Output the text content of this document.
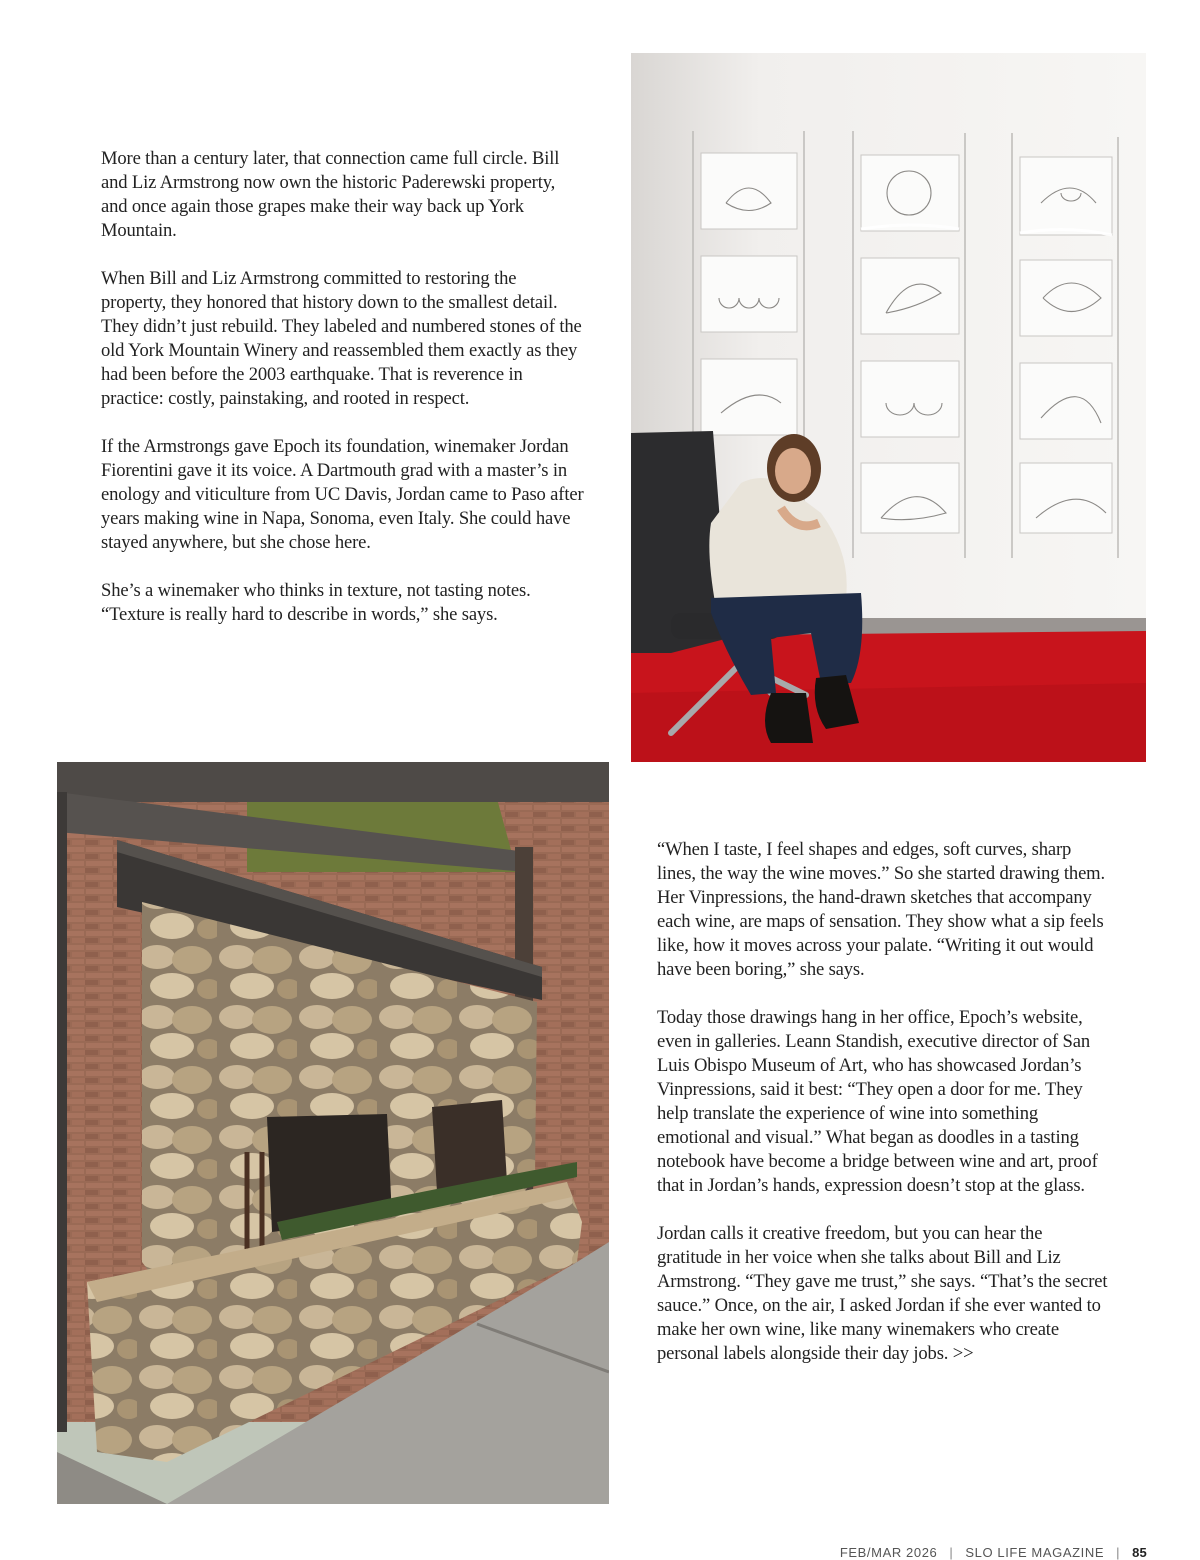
More than a century later, that connection came full circle. Bill and Liz Armstrong now own the historic Paderewski property, and once again those grapes make their way back up York Mountain.

When Bill and Liz Armstrong committed to restoring the property, they honored that history down to the smallest detail. They didn’t just rebuild. They labeled and numbered stones of the old York Mountain Winery and reassembled them exactly as they had been before the 2003 earthquake. That is reverence in practice: costly, painstaking, and rooted in respect.

If the Armstrongs gave Epoch its foundation, winemaker Jordan Fiorentini gave it its voice. A Dartmouth grad with a master’s in enology and viticulture from UC Davis, Jordan came to Paso after years making wine in Napa, Sonoma, even Italy. She could have stayed anywhere, but she chose here.

She’s a winemaker who thinks in texture, not tasting notes. “Texture is really hard to describe in words,” she says.

“When I taste, I feel shapes and edges, soft curves, sharp lines, the way the wine moves.” So she started drawing them. Her Vinpressions, the hand-drawn sketches that accompany each wine, are maps of sensation. They show what a sip feels like, how it moves across your palate. “Writing it out would have been boring,” she says.

Today those drawings hang in her office, Epoch’s website, even in galleries. Leann Standish, executive director of San Luis Obispo Museum of Art, who has showcased Jordan’s Vinpressions, said it best: “They open a door for me. They help translate the experience of wine into something emotional and visual.” What began as doodles in a tasting notebook have become a bridge between wine and art, proof that in Jordan’s hands, expression doesn’t stop at the glass.

Jordan calls it creative freedom, but you can hear the gratitude in her voice when she talks about Bill and Liz Armstrong. “They gave me trust,” she says. “That’s the secret sauce.” Once, on the air, I asked Jordan if she ever wanted to make her own wine, like many winemakers who create personal labels alongside their day jobs. >>

FEB/MAR 2026 | SLO LIFE MAGAZINE | 85
